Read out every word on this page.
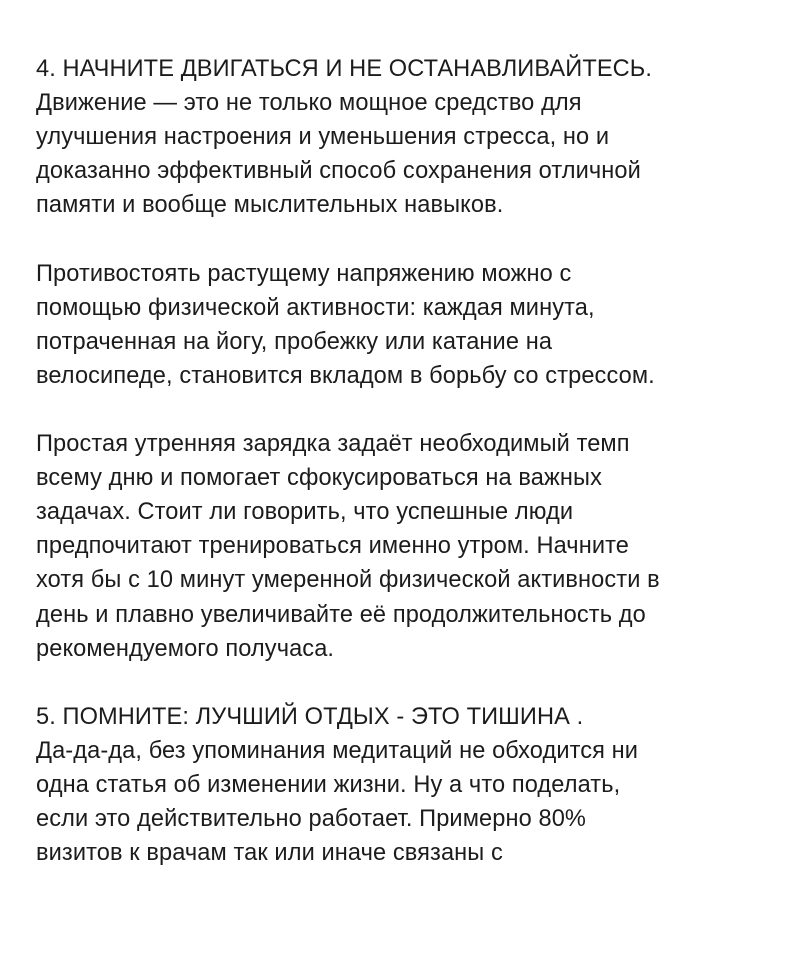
4. НАЧНИТЕ ДВИГАТЬСЯ И НЕ ОСТАНАВЛИВАЙТЕСЬ.
Движение — это не только мощное средство для
улучшения настроения и уменьшения стресса, но и
доказанно эффективный способ сохранения отличной
памяти и вообще мыслительных навыков.
Противостоять растущему напряжению можно с
помощью физической активности: каждая минута,
потраченная на йогу, пробежку или катание на
велосипеде, становится вкладом в борьбу со стрессом.
Простая утренняя зарядка задаёт необходимый темп
всему дню и помогает сфокусироваться на важных
задачах. Стоит ли говорить, что успешные люди
предпочитают тренироваться именно утром. Начните
хотя бы с 10 минут умеренной физической активности в
день и плавно увеличивайте её продолжительность до
рекомендуемого получаса.
5. ПОМНИТЕ: ЛУЧШИЙ ОТДЫХ - ЭТО ТИШИНА .
Да-да-да, без упоминания медитаций не обходится ни
одна статья об изменении жизни. Ну а что поделать,
если это действительно работает. Примерно 80%
визитов к врачам так или иначе связаны с
